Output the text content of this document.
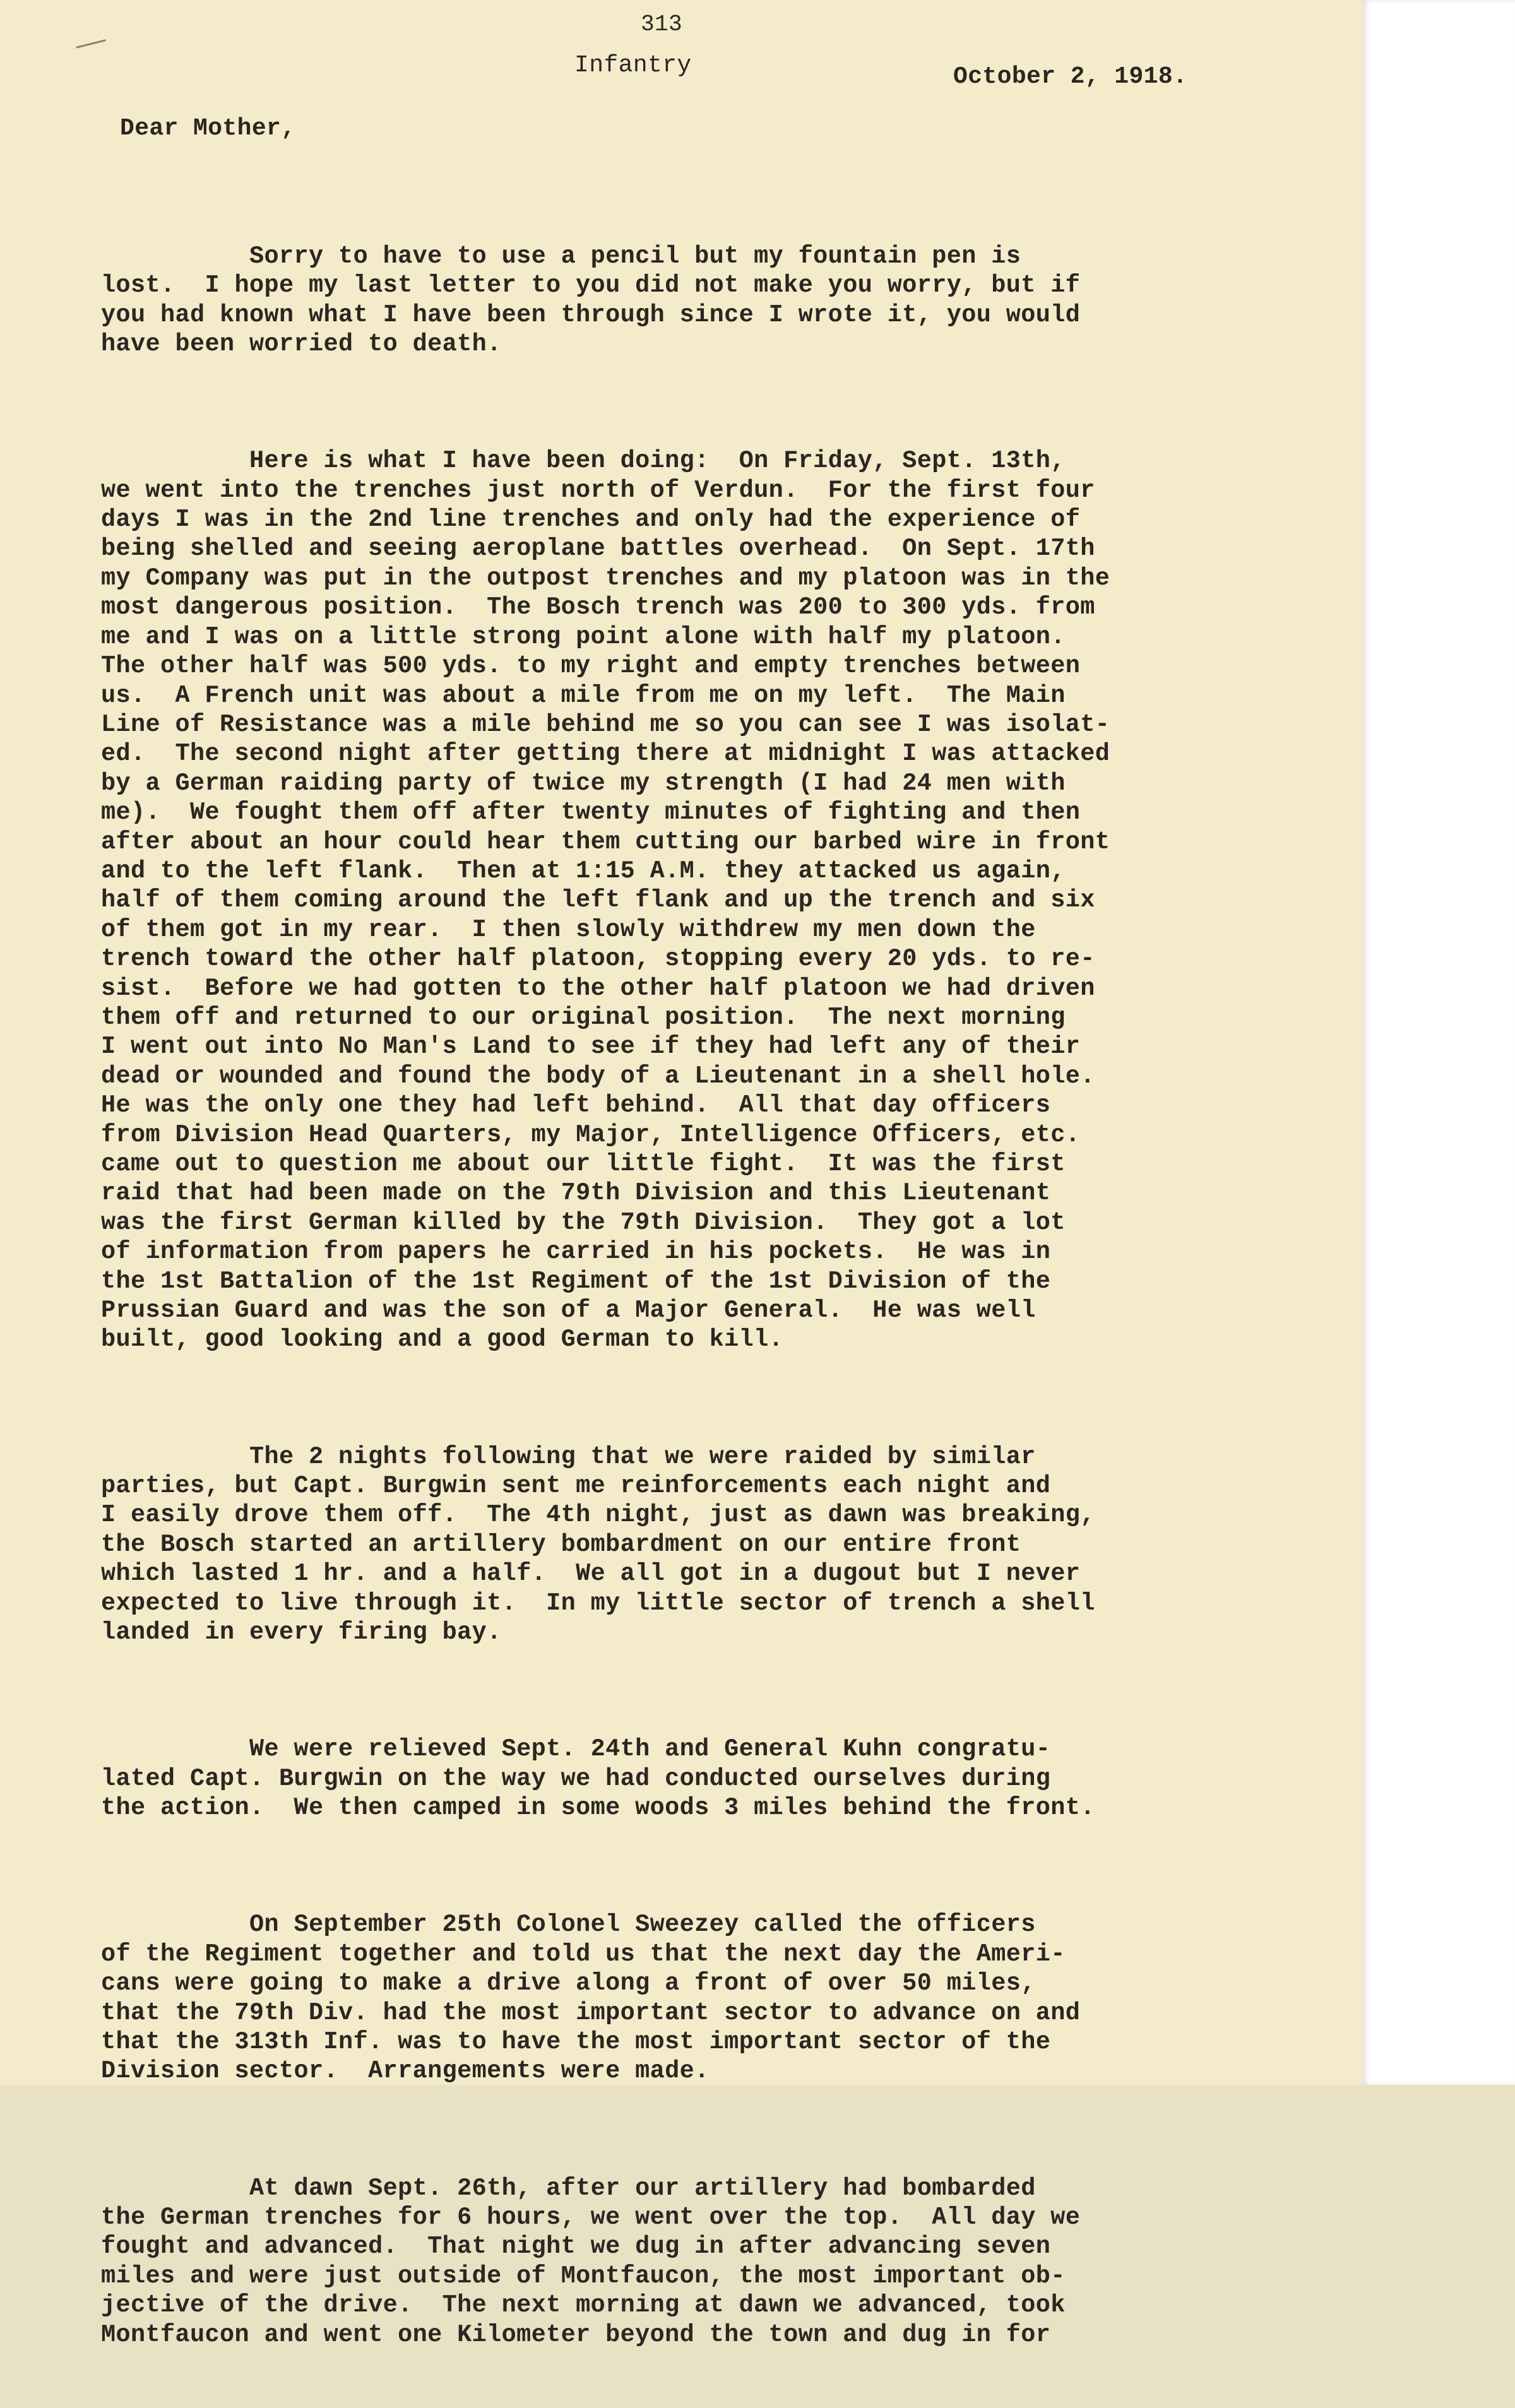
313
Infantry	October 2, 1918.
Dear Mother,

Sorry to have to use a pencil but my fountain pen is
lost.  I hope my last letter to you did not make you worry, but if
you had known what I have been through since I wrote it, you would
have been worried to death.

Here is what I have been doing:  On Friday, Sept. 13th,
we went into the trenches just north of Verdun.  For the first four
days I was in the 2nd line trenches and only had the experience of
being shelled and seeing aeroplane battles overhead.  On Sept. 17th
my Company was put in the outpost trenches and my platoon was in the
most dangerous position.  The Bosch trench was 200 to 300 yds. from
me and I was on a little strong point alone with half my platoon.
The other half was 500 yds. to my right and empty trenches between
us.  A French unit was about a mile from me on my left.  The Main
Line of Resistance was a mile behind me so you can see I was isolat-
ed.  The second night after getting there at midnight I was attacked
by a German raiding party of twice my strength (I had 24 men with
me).  We fought them off after twenty minutes of fighting and then
after about an hour could hear them cutting our barbed wire in front
and to the left flank.  Then at 1:15 A.M. they attacked us again,
half of them coming around the left flank and up the trench and six
of them got in my rear.  I then slowly withdrew my men down the
trench toward the other half platoon, stopping every 20 yds. to re-
sist.  Before we had gotten to the other half platoon we had driven
them off and returned to our original position.  The next morning
I went out into No Man's Land to see if they had left any of their
dead or wounded and found the body of a Lieutenant in a shell hole.
He was the only one they had left behind.  All that day officers
from Division Head Quarters, my Major, Intelligence Officers, etc.
came out to question me about our little fight.  It was the first
raid that had been made on the 79th Division and this Lieutenant
was the first German killed by the 79th Division.  They got a lot
of information from papers he carried in his pockets.  He was in
the 1st Battalion of the 1st Regiment of the 1st Division of the
Prussian Guard and was the son of a Major General.  He was well
built, good looking and a good German to kill.

The 2 nights following that we were raided by similar
parties, but Capt. Burgwin sent me reinforcements each night and
I easily drove them off.  The 4th night, just as dawn was breaking,
the Bosch started an artillery bombardment on our entire front
which lasted 1 hr. and a half.  We all got in a dugout but I never
expected to live through it.  In my little sector of trench a shell
landed in every firing bay.

We were relieved Sept. 24th and General Kuhn congratu-
lated Capt. Burgwin on the way we had conducted ourselves during
the action.  We then camped in some woods 3 miles behind the front.

On September 25th Colonel Sweezey called the officers
of the Regiment together and told us that the next day the Ameri-
cans were going to make a drive along a front of over 50 miles,
that the 79th Div. had the most important sector to advance on and
that the 313th Inf. was to have the most important sector of the
Division sector.  Arrangements were made.

At dawn Sept. 26th, after our artillery had bombarded
the German trenches for 6 hours, we went over the top.  All day we
fought and advanced.  That night we dug in after advancing seven
miles and were just outside of Montfaucon, the most important ob-
jective of the drive.  The next morning at dawn we advanced, took
Montfaucon and went one Kilometer beyond the town and dug in for
